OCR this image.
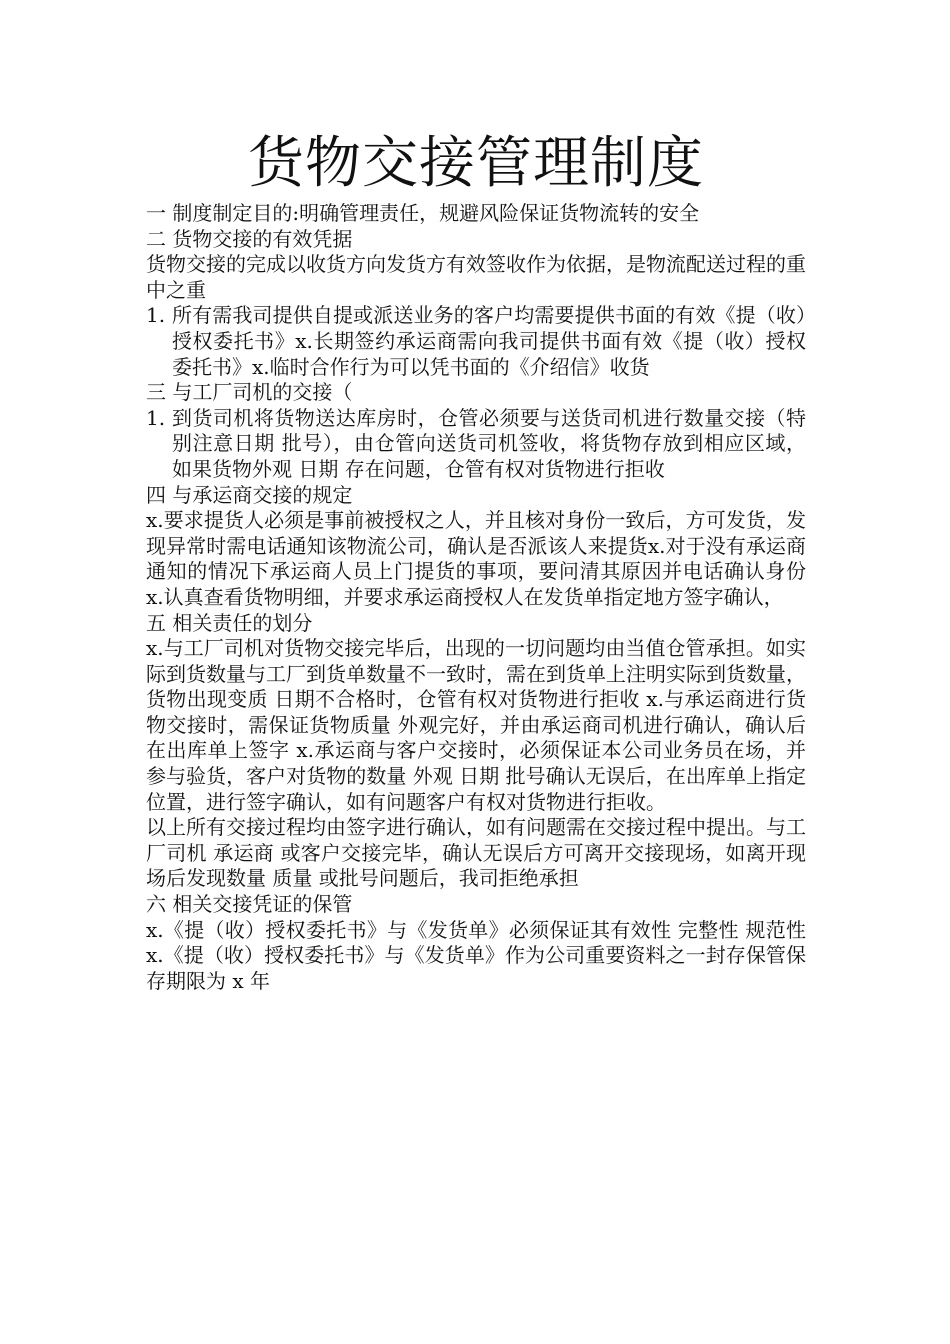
货物交接管理制度

一 制度制定目的:明确管理责任，规避风险保证货物流转的安全

二 货物交接的有效凭据

货物交接的完成以收货方向发货方有效签收作为依据，是物流配送过程的重中之重

1. 所有需我司提供自提或派送业务的客户均需要提供书面的有效《提（收）授权委托书》x.长期签约承运商需向我司提供书面有效《提（收）授权委托书》x.临时合作行为可以凭书面的《介绍信》收货

三 与工厂司机的交接（

1. 到货司机将货物送达库房时，仓管必须要与送货司机进行数量交接（特别注意日期 批号），由仓管向送货司机签收，将货物存放到相应区域，如果货物外观 日期 存在问题，仓管有权对货物进行拒收

四 与承运商交接的规定

x.要求提货人必须是事前被授权之人，并且核对身份一致后，方可发货，发现异常时需电话通知该物流公司，确认是否派该人来提货x.对于没有承运商通知的情况下承运商人员上门提货的事项，要问清其原因并电话确认身份 x.认真查看货物明细，并要求承运商授权人在发货单指定地方签字确认，

五 相关责任的划分

x.与工厂司机对货物交接完毕后，出现的一切问题均由当值仓管承担。如实际到货数量与工厂到货单数量不一致时，需在到货单上注明实际到货数量，货物出现变质 日期不合格时，仓管有权对货物进行拒收 x.与承运商进行货物交接时，需保证货物质量 外观完好，并由承运商司机进行确认，确认后在出库单上签字 x.承运商与客户交接时，必须保证本公司业务员在场，并参与验货，客户对货物的数量 外观 日期 批号确认无误后，在出库单上指定位置，进行签字确认，如有问题客户有权对货物进行拒收。

以上所有交接过程均由签字进行确认，如有问题需在交接过程中提出。与工厂司机 承运商 或客户交接完毕，确认无误后方可离开交接现场，如离开现场后发现数量 质量 或批号问题后，我司拒绝承担

六 相关交接凭证的保管

x.《提（收）授权委托书》与《发货单》必须保证其有效性 完整性 规范性 x.《提（收）授权委托书》与《发货单》作为公司重要资料之一封存保管保存期限为 x 年
